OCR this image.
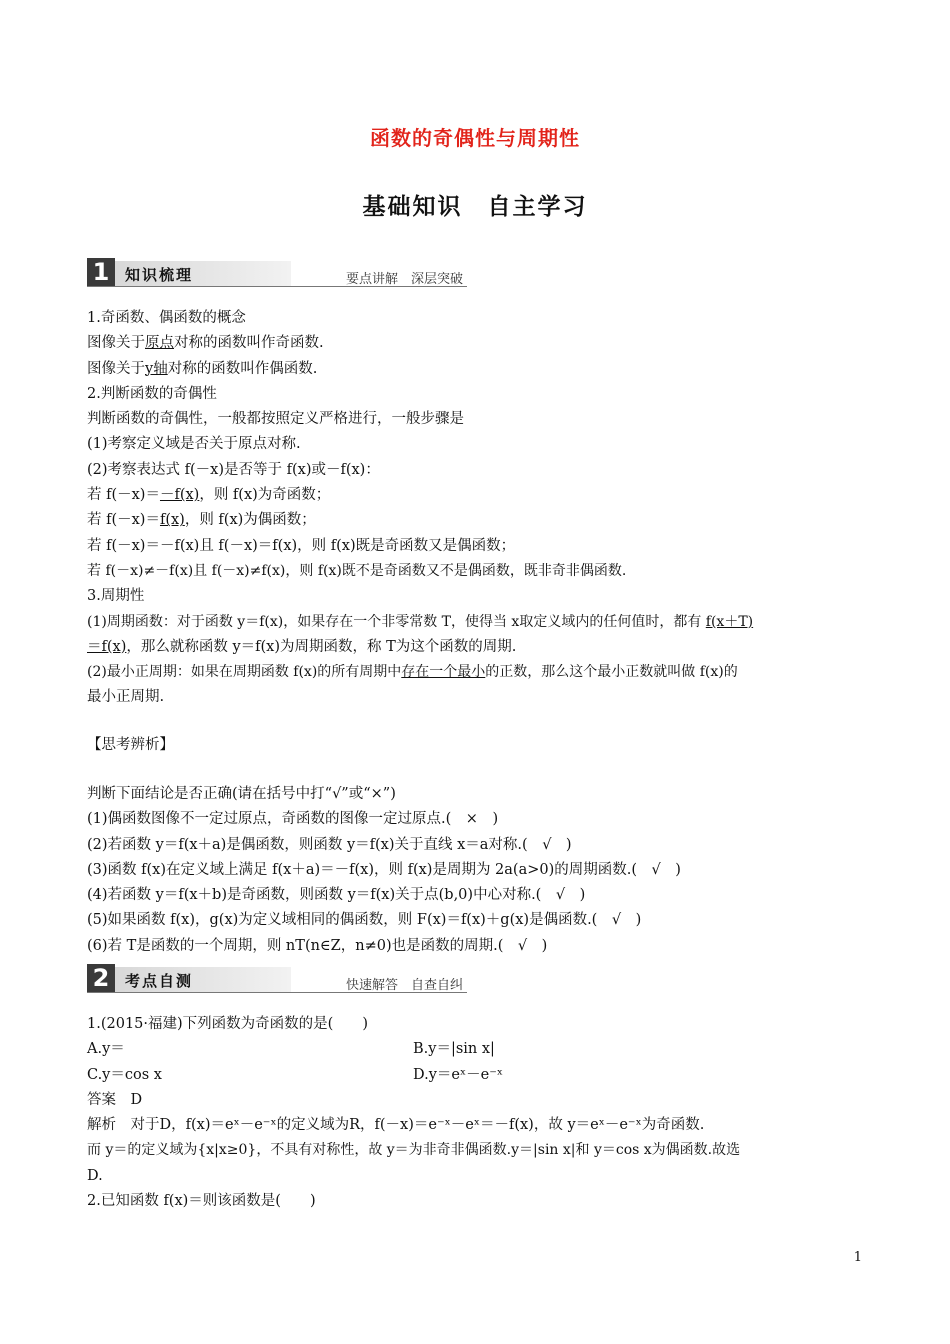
函数的奇偶性与周期性
基础知识　自主学习
1	知识梳理	要点讲解　深层突破
1.奇函数、偶函数的概念
图像关于原点对称的函数叫作奇函数.
图像关于y轴对称的函数叫作偶函数.
2.判断函数的奇偶性
判断函数的奇偶性，一般都按照定义严格进行，一般步骤是
(1)考察定义域是否关于原点对称.
(2)考察表达式 f(－x)是否等于 f(x)或－f(x)：
若 f(－x)＝－f(x)，则 f(x)为奇函数；
若 f(－x)＝f(x)，则 f(x)为偶函数；
若 f(－x)＝－f(x)且 f(－x)＝f(x)，则 f(x)既是奇函数又是偶函数；
若 f(－x)≠－f(x)且 f(－x)≠f(x)，则 f(x)既不是奇函数又不是偶函数，既非奇非偶函数.
3.周期性
(1)周期函数：对于函数 y＝f(x)，如果存在一个非零常数 T，使得当 x取定义域内的任何值时，都有 f(x＋T)
＝f(x)，那么就称函数 y＝f(x)为周期函数，称 T为这个函数的周期.
(2)最小正周期：如果在周期函数 f(x)的所有周期中存在一个最小的正数，那么这个最小正数就叫做 f(x)的
最小正周期.
【思考辨析】
判断下面结论是否正确(请在括号中打“√”或“×”)
(1)偶函数图像不一定过原点，奇函数的图像一定过原点.(　×　)
(2)若函数 y＝f(x＋a)是偶函数，则函数 y＝f(x)关于直线 x＝a对称.(　√　)
(3)函数 f(x)在定义域上满足 f(x＋a)＝－f(x)，则 f(x)是周期为 2a(a>0)的周期函数.(　√　)
(4)若函数 y＝f(x＋b)是奇函数，则函数 y＝f(x)关于点(b,0)中心对称.(　√　)
(5)如果函数 f(x)，g(x)为定义域相同的偶函数，则 F(x)＝f(x)＋g(x)是偶函数.(　√　)
(6)若 T是函数的一个周期，则 nT(n∈Z，n≠0)也是函数的周期.(　√　)
2	考点自测	快速解答　自查自纠
1.(2015·福建)下列函数为奇函数的是(　　)
A.y＝	B.y＝|sin x|
C.y＝cos x	D.y＝eˣ－e⁻ˣ
答案　D
解析　对于D，f(x)＝eˣ－e⁻ˣ的定义域为R，f(－x)＝e⁻ˣ－eˣ＝－f(x)，故 y＝eˣ－e⁻ˣ为奇函数.
而 y＝的定义域为{x|x≥0}，不具有对称性，故 y＝为非奇非偶函数.y＝|sin x|和 y＝cos x为偶函数.故选
D.
2.已知函数 f(x)＝则该函数是(　　)
1
